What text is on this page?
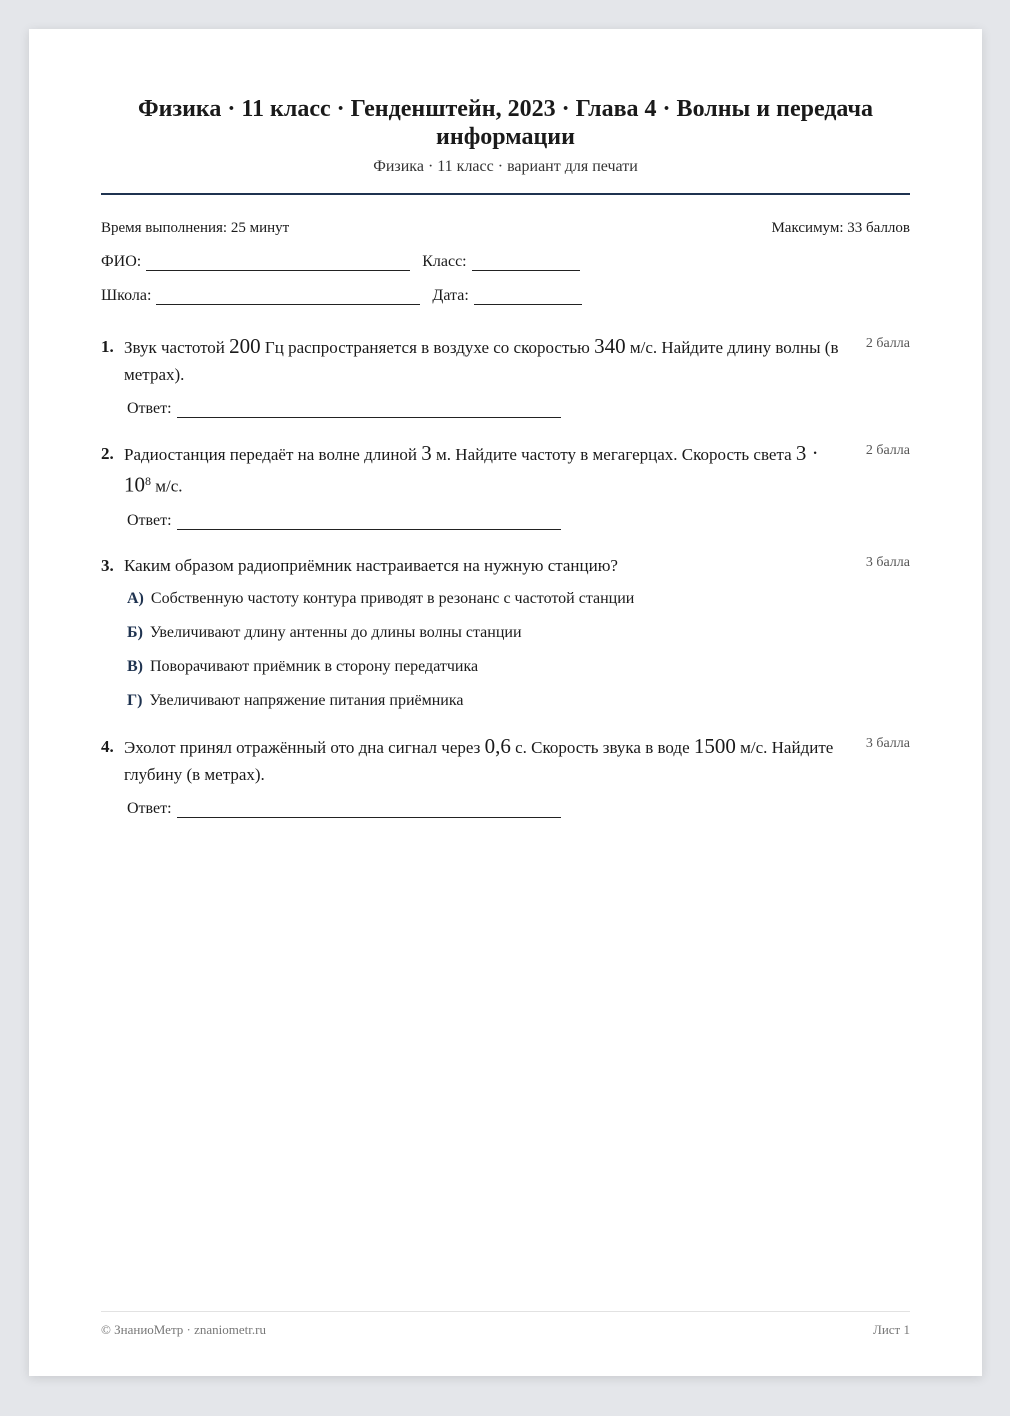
Физика · 11 класс · Генденштейн, 2023 · Глава 4 · Волны и передача информации
Физика · 11 класс · вариант для печати
Время выполнения: 25 минут	Максимум: 33 баллов
ФИО:	Класс:
Школа:	Дата:
1. Звук частотой 200 Гц распространяется в воздухе со скоростью 340 м/с. Найдите длину волны (в метрах).
2 балла
Ответ:
2. Радиостанция передаёт на волне длиной 3 м. Найдите частоту в мегагерцах. Скорость света $3 \cdot 10^8$ м/с.
2 балла
Ответ:
3. Каким образом радиоприёмник настраивается на нужную станцию?	3 балла
А) Собственную частоту контура приводят в резонанс с частотой станции
Б) Увеличивают длину антенны до длины волны станции
В) Поворачивают приёмник в сторону передатчика
Г) Увеличивают напряжение питания приёмника
4. Эхолот принял отражённый ото дна сигнал через 0,6 с. Скорость звука в воде 1500 м/с. Найдите глубину (в метрах).
3 балла
Ответ:
© ЗнаниоМетр · znaniometr.ru	Лист 1
